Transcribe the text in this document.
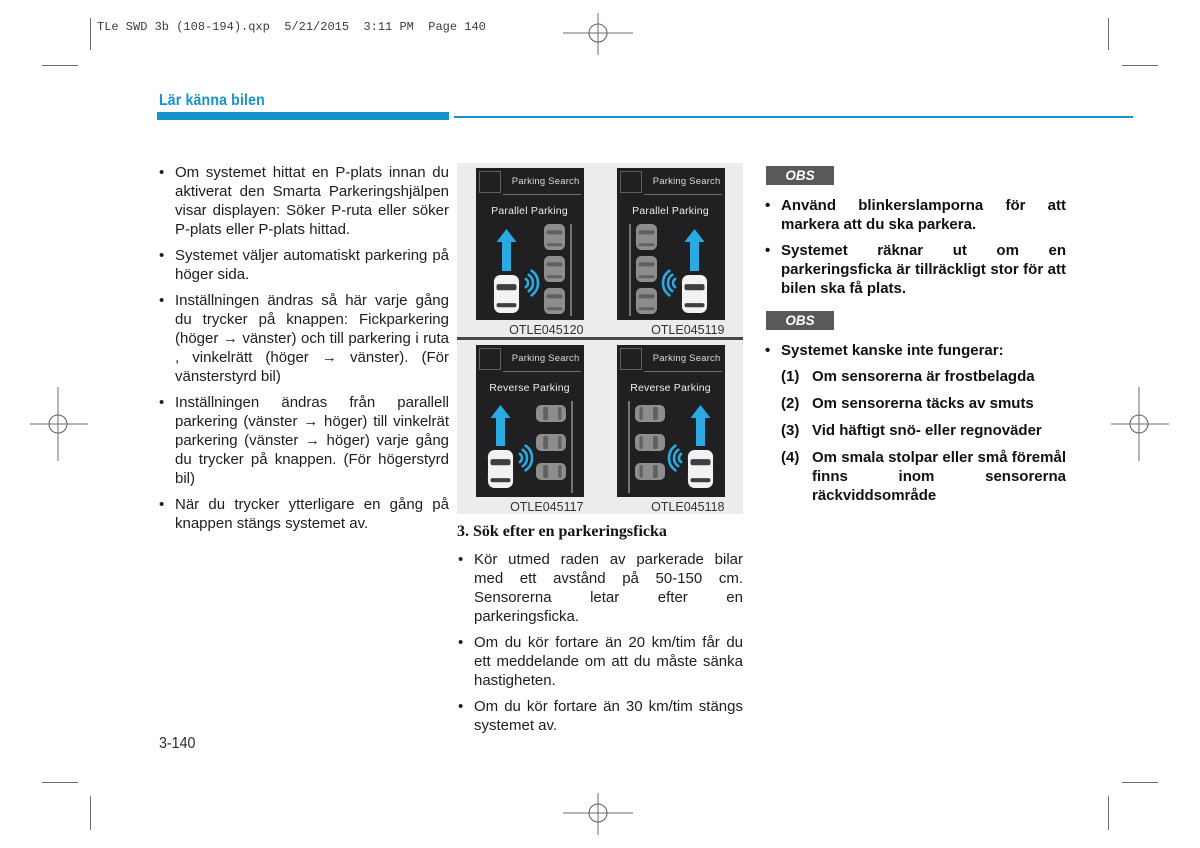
TLe SWD 3b (108-194).qxp  5/21/2015  3:11 PM  Page 140
Lär känna bilen
• Om systemet hittat en P-plats innan du aktiverat den Smarta Parkeringshjälpen visar displayen: Söker P-ruta eller söker P-plats eller P-plats hittad.
• Systemet väljer automatiskt parkering på höger sida.
• Inställningen ändras så här varje gång du trycker på knappen: Fickparkering (höger → vänster) och till parkering i ruta , vinkelrätt (höger → vänster). (För vänsterstyrd bil)
• Inställningen ändras från parallell parkering (vänster → höger) till vinkelrät parkering (vänster → höger) varje gång du trycker på knappen. (För högerstyrd bil)
• När du trycker ytterligare en gång på knappen stängs systemet av.
Parking Search
Parallel Parking
OTLE045120
Parking Search
Parallel Parking
OTLE045119
Parking Search
Reverse Parking
OTLE045117
Parking Search
Reverse Parking
OTLE045118
3. Sök efter en parkeringsficka
• Kör utmed raden av parkerade bilar med ett avstånd på 50-150 cm. Sensorerna letar efter en parkeringsficka.
• Om du kör fortare än 20 km/tim får du ett meddelande om att du måste sänka hastigheten.
• Om du kör fortare än 30 km/tim stängs systemet av.
OBS
• Använd blinkerslamporna för att markera att du ska parkera.
• Systemet räknar ut om en parkeringsficka är tillräckligt stor för att bilen ska få plats.
OBS
• Systemet kanske inte fungerar:
(1) Om sensorerna är frostbelagda
(2) Om sensorerna täcks av smuts
(3) Vid häftigt snö- eller regnoväder
(4) Om smala stolpar eller små föremål finns inom sensorerna räckviddsområde
3-140
